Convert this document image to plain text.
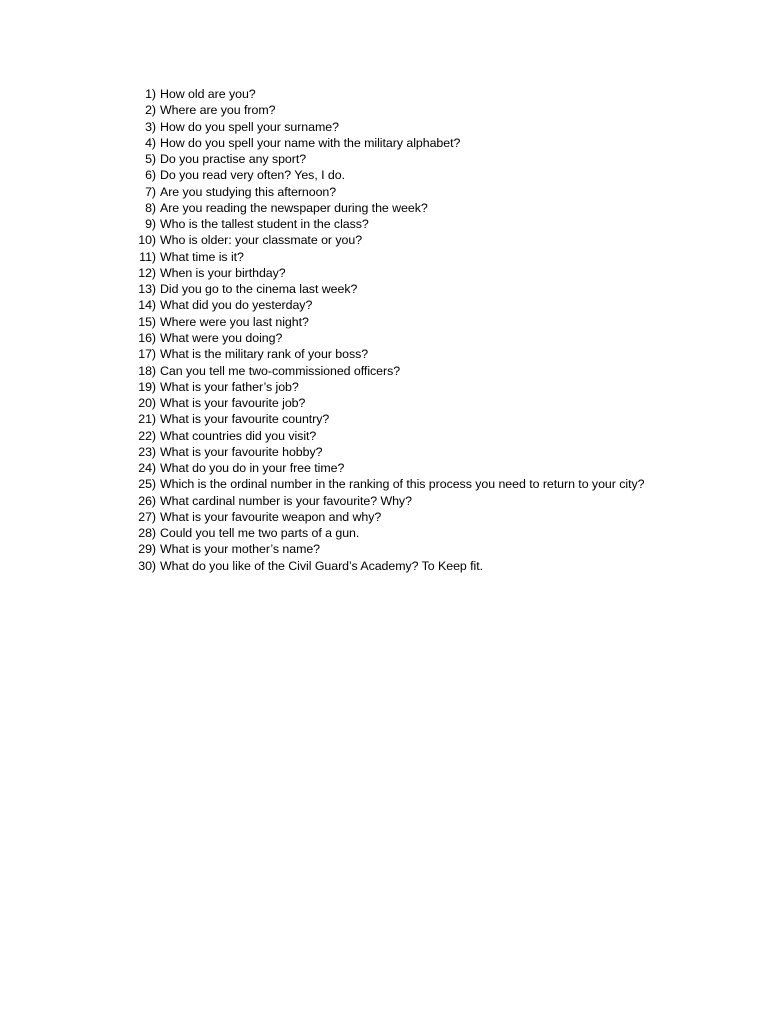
1) How old are you?
2) Where are you from?
3) How do you spell your surname?
4) How do you spell your name with the military alphabet?
5) Do you practise any sport?
6) Do you read very often? Yes, I do.
7) Are you studying this afternoon?
8) Are you reading the newspaper during the week?
9) Who is the tallest student in the class?
10) Who is older: your classmate or you?
11) What time is it?
12) When is your birthday?
13) Did you go to the cinema last week?
14) What did you do yesterday?
15) Where were you last night?
16) What were you doing?
17) What is the military rank of your boss?
18) Can you tell me two-commissioned officers?
19) What is your father’s job?
20) What is your favourite job?
21) What is your favourite country?
22) What countries did you visit?
23) What is your favourite hobby?
24) What do you do in your free time?
25) Which is the ordinal number in the ranking of this process you need to return to your city?
26) What cardinal number is your favourite? Why?
27) What is your favourite weapon and why?
28) Could you tell me two parts of a gun.
29) What is your mother’s name?
30) What do you like of the Civil Guard’s Academy? To Keep fit.
